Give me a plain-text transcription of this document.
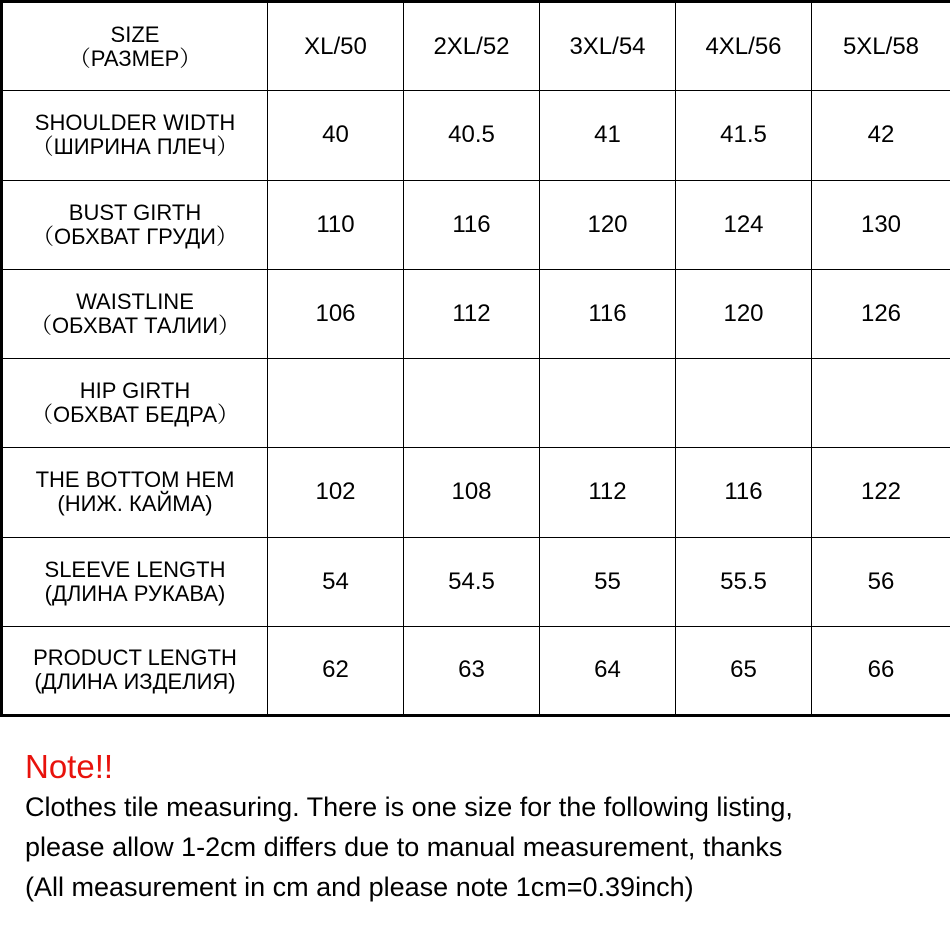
SIZE
（РАЗМЕР）	XL/50	2XL/52	3XL/54	4XL/56	5XL/58

SHOULDER WIDTH
（ШИРИНА ПЛЕЧ）	40	40.5	41	41.5	42

BUST GIRTH
（ОБХВАТ ГРУДИ）	110	116	120	124	130

WAISTLINE
（ОБХВАТ ТАЛИИ）	106	112	116	120	126

HIP GIRTH
（ОБХВАТ БЕДРА）					

THE BOTTOM HEM
(НИЖ. КАЙМА)	102	108	112	116	122

SLEEVE LENGTH
(ДЛИНА РУКАВА)	54	54.5	55	55.5	56

PRODUCT LENGTH
(ДЛИНА ИЗДЕЛИЯ)	62	63	64	65	66
Note!!
Clothes tile measuring. There is one size for the following listing,
please allow 1-2cm differs due to manual measurement, thanks
(All measurement in cm and please note 1cm=0.39inch)
